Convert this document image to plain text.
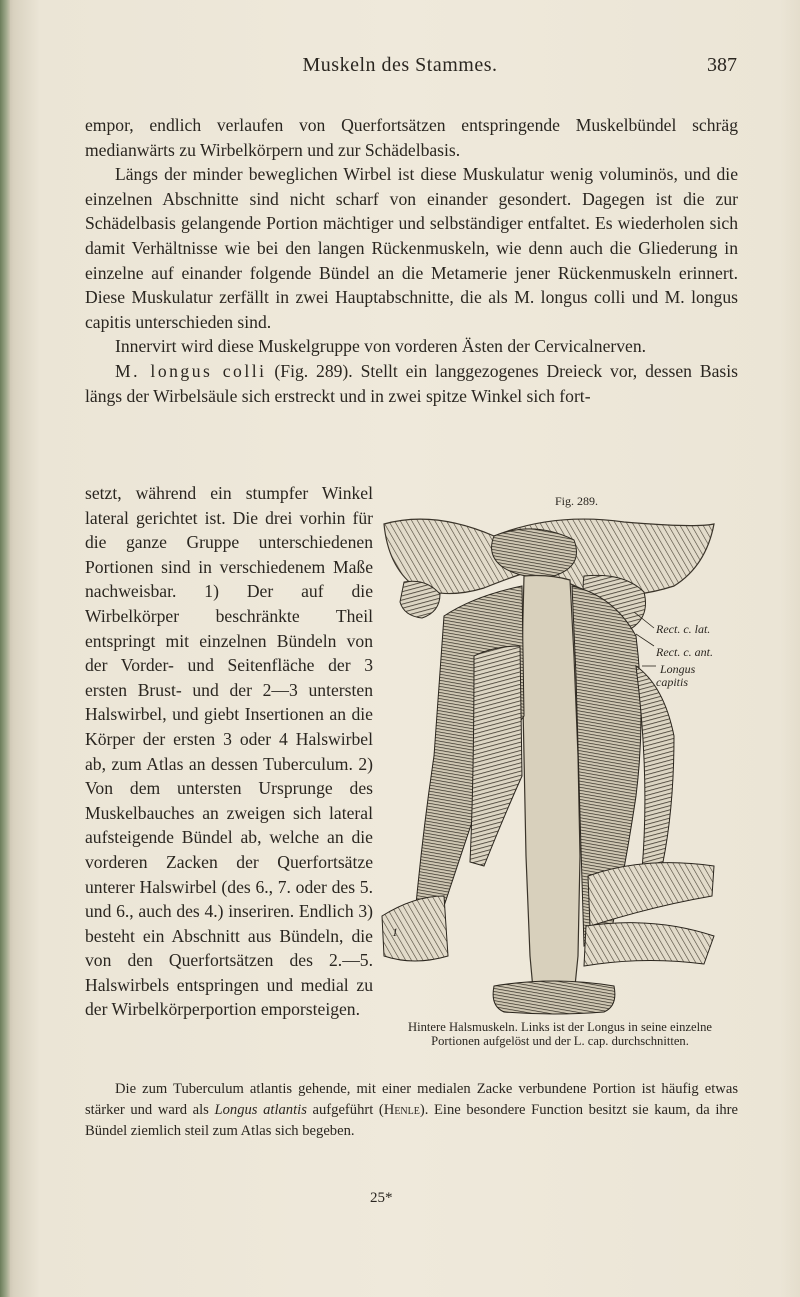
Muskeln des Stammes.	387

empor, endlich verlaufen von Querfortsätzen entspringende Muskelbündel schräg medianwärts zu Wirbelkörpern und zur Schädelbasis.

Längs der minder beweglichen Wirbel ist diese Muskulatur wenig voluminös, und die einzelnen Abschnitte sind nicht scharf von einander gesondert. Dagegen ist die zur Schädelbasis gelangende Portion mächtiger und selbständiger entfaltet. Es wiederholen sich damit Verhältnisse wie bei den langen Rückenmuskeln, wie denn auch die Gliederung in einzelne auf einander folgende Bündel an die Metamerie jener Rückenmuskeln erinnert. Diese Muskulatur zerfällt in zwei Hauptabschnitte, die als M. longus colli und M. longus capitis unterschieden sind.

Innervirt wird diese Muskelgruppe von vorderen Ästen der Cervicalnerven.

M. longus colli (Fig. 289). Stellt ein langgezogenes Dreieck vor, dessen Basis längs der Wirbelsäule sich erstreckt und in zwei spitze Winkel sich fort-

setzt, während ein stumpfer Winkel lateral gerichtet ist. Die drei vorhin für die ganze Gruppe unterschiedenen Portionen sind in verschiedenem Maße nachweisbar. 1) Der auf die Wirbelkörper beschränkte Theil entspringt mit einzelnen Bündeln von der Vorder- und Seitenfläche der 3 ersten Brust- und der 2—3 untersten Halswirbel, und giebt Insertionen an die Körper der ersten 3 oder 4 Halswirbel ab, zum Atlas an dessen Tuberculum. 2) Von dem untersten Ursprunge des Muskelbauches an zweigen sich lateral aufsteigende Bündel ab, welche an die vorderen Zacken der Querfortsätze unterer Halswirbel (des 6., 7. oder des 5. und 6., auch des 4.) inseriren. Endlich 3) besteht ein Abschnitt aus Bündeln, die von den Querfortsätzen des 2.—5. Halswirbels entspringen und medial zu der Wirbelkörperportion emporsteigen.

Fig. 289.
Rect. c. lat.
Rect. c. ant.
Longus
capitis
1
Hintere Halsmuskeln. Links ist der Longus in seine einzelne Portionen aufgelöst und der L. cap. durchschnitten.

Die zum Tuberculum atlantis gehende, mit einer medialen Zacke verbundene Portion ist häufig etwas stärker und ward als Longus atlantis aufgeführt (Henle). Eine besondere Function besitzt sie kaum, da ihre Bündel ziemlich steil zum Atlas sich begeben.

25*
